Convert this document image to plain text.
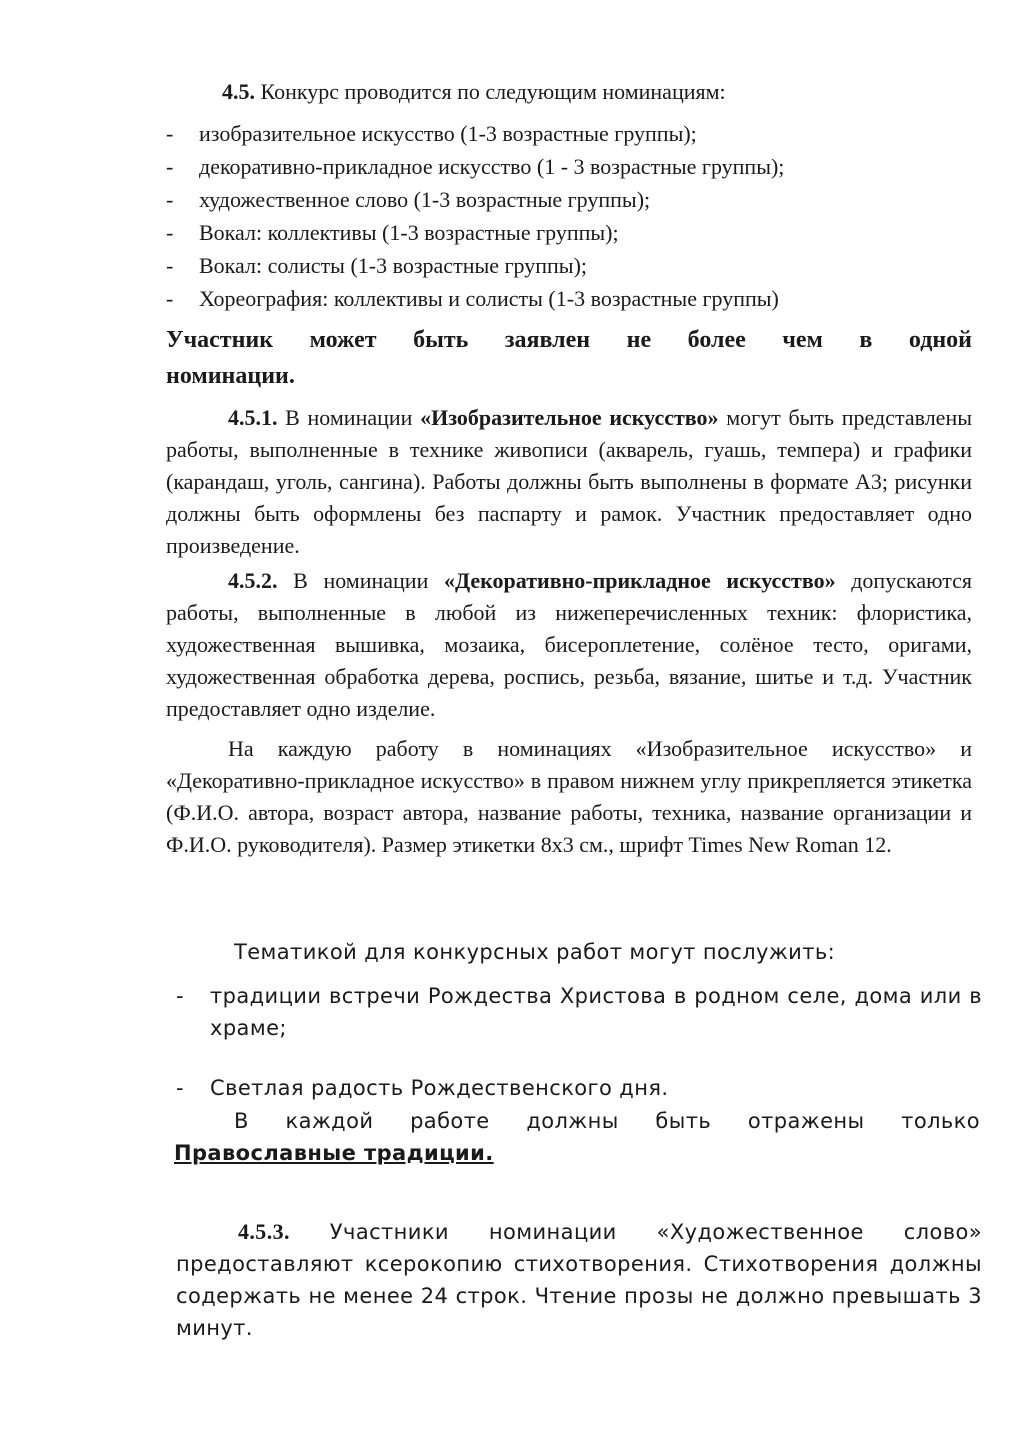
4.5. Конкурс проводится по следующим номинациям:
- изобразительное искусство (1-3 возрастные группы);
- декоративно-прикладное искусство (1 - 3 возрастные группы);
- художественное слово (1-3 возрастные группы);
- Вокал: коллективы (1-3 возрастные группы);
- Вокал: солисты (1-3 возрастные группы);
- Хореография: коллективы и солисты (1-3 возрастные группы)
Участник может быть заявлен не более чем в одной номинации.
4.5.1. В номинации «Изобразительное искусство» могут быть представлены работы, выполненные в технике живописи (акварель, гуашь, темпера) и графики (карандаш, уголь, сангина). Работы должны быть выполнены в формате А3; рисунки должны быть оформлены без паспарту и рамок. Участник предоставляет одно произведение.
4.5.2. В номинации «Декоративно-прикладное искусство» допускаются работы, выполненные в любой из нижеперечисленных техник: флористика, художественная вышивка, мозаика, бисероплетение, солёное тесто, оригами, художественная обработка дерева, роспись, резьба, вязание, шитье и т.д. Участник предоставляет одно изделие.
На каждую работу в номинациях «Изобразительное искусство» и «Декоративно-прикладное искусство» в правом нижнем углу прикрепляется этикетка (Ф.И.О. автора, возраст автора, название работы, техника, название организации и Ф.И.О. руководителя). Размер этикетки 8х3 см., шрифт Times New Roman 12.
Тематикой для конкурсных работ могут послужить:
- традиции встречи Рождества Христова в родном селе, дома или в храме;
- Светлая радость Рождественского дня.
В каждой работе должны быть отражены только Православные традиции.
4.5.3. Участники номинации «Художественное слово» предоставляют ксерокопию стихотворения. Стихотворения должны содержать не менее 24 строк. Чтение прозы не должно превышать 3 минут.
